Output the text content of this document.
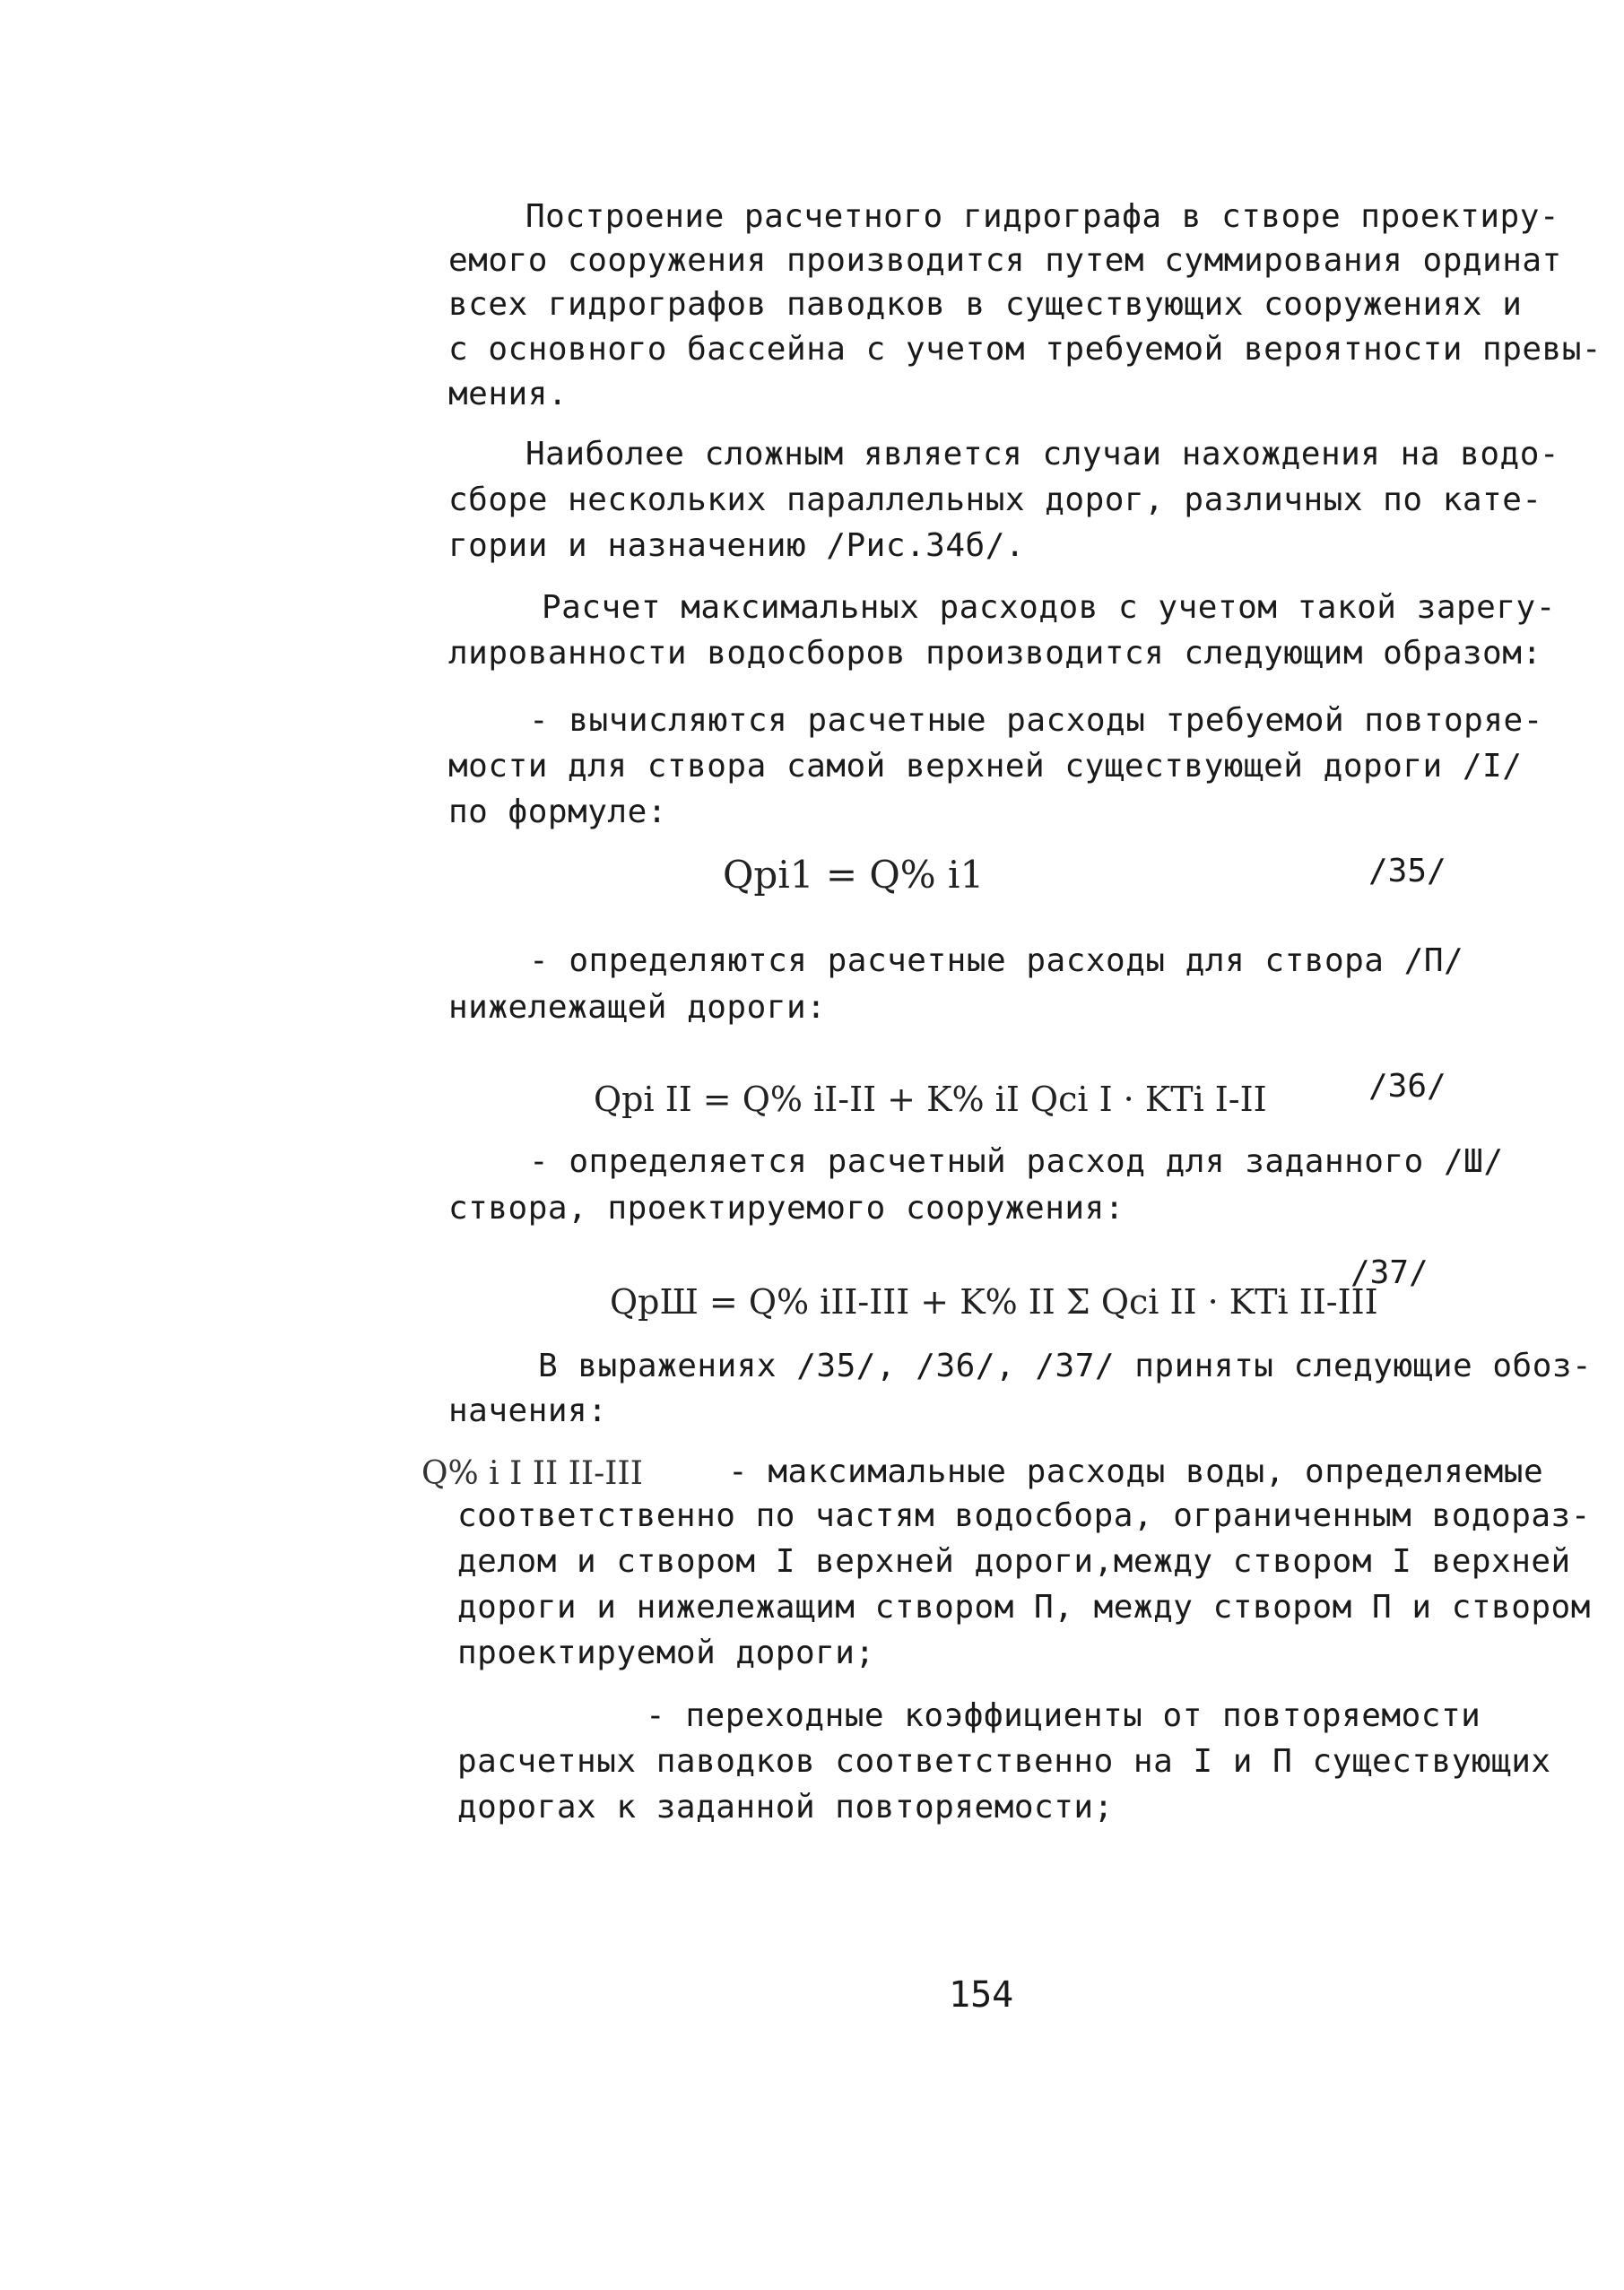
Построение расчетного гидрографа в створе проектиру-
емого сооружения производится путем суммирования ординат
всех гидрографов паводков в существующих сооружениях и
с основного бассейна с учетом требуемой вероятности превы-
мения.
Наиболее сложным является случаи нахождения на водо-
сборе нескольких параллельных дорог, различных по кате-
гории и назначению /Рис.34б/.
Расчет максимальных расходов с учетом такой зарегу-
лированности водосборов производится следующим образом:
- вычисляются расчетные расходы требуемой повторяе-
мости для створа самой верхней существующей дороги /I/
по формуле:
Qpi1 = Q% i1	/35/
- определяются расчетные расходы для створа /П/
нижележащей дороги:
Qpi II = Q% iI-II + K% iI Qci I · KTi I-II	/36/
- определяется расчетный расход для заданного /Ш/
створа, проектируемого сооружения:
/37/
QpШ = Q% iII-III + K% II Σ Qci II · KTi II-III
В выражениях /35/, /36/, /37/ приняты следующие обоз-
начения:
Q% i I II II-III	- максимальные расходы воды, определяемые
соответственно по частям водосбора, ограниченным водораз-
делом и створом I верхней дороги,между створом I верхней
дороги и нижележащим створом П, между створом П и створом
проектируемой дороги;
- переходные коэффициенты от повторяемости
расчетных паводков соответственно на I и П существующих
дорогах к заданной повторяемости;
154
